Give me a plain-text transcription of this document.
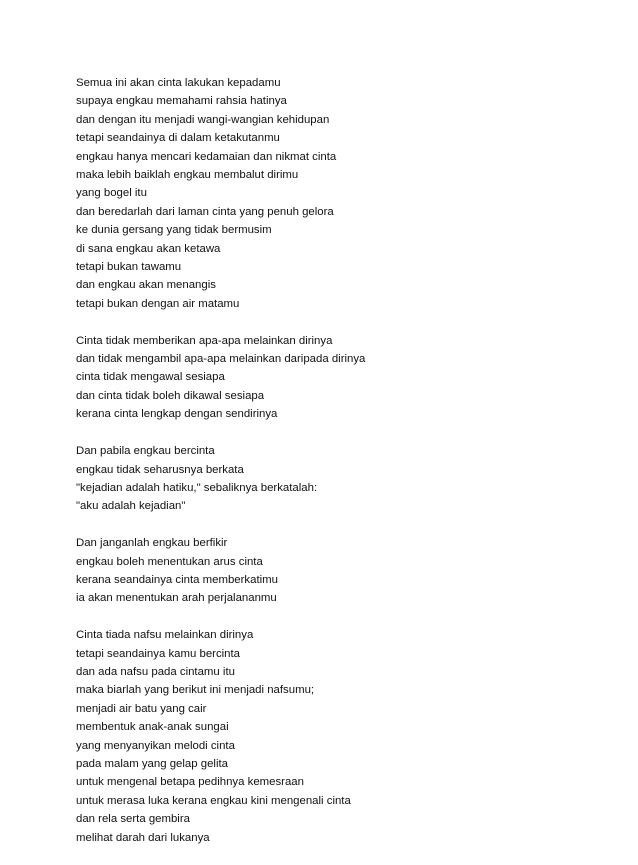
Semua ini akan cinta lakukan kepadamu
supaya engkau memahami rahsia hatinya
dan dengan itu menjadi wangi-wangian kehidupan
tetapi seandainya di dalam ketakutanmu
engkau hanya mencari kedamaian dan nikmat cinta
maka lebih baiklah engkau membalut dirimu
yang bogel itu
dan beredarlah dari laman cinta yang penuh gelora
ke dunia gersang yang tidak bermusim
di sana engkau akan ketawa
tetapi bukan tawamu
dan engkau akan menangis
tetapi bukan dengan air matamu
Cinta tidak memberikan apa-apa melainkan dirinya
dan tidak mengambil apa-apa melainkan daripada dirinya
cinta tidak mengawal sesiapa
dan cinta tidak boleh dikawal sesiapa
kerana cinta lengkap dengan sendirinya
Dan pabila engkau bercinta
engkau tidak seharusnya berkata
"kejadian adalah hatiku," sebaliknya berkatalah:
"aku adalah kejadian"
Dan janganlah engkau berfikir
engkau boleh menentukan arus cinta
kerana seandainya cinta memberkatimu
ia akan menentukan arah perjalananmu
Cinta tiada nafsu melainkan dirinya
tetapi seandainya kamu bercinta
dan ada nafsu pada cintamu itu
maka biarlah yang berikut ini menjadi nafsumu;
menjadi air batu yang cair
membentuk anak-anak sungai
yang menyanyikan melodi cinta
pada malam yang gelap gelita
untuk mengenal betapa pedihnya kemesraan
untuk merasa luka kerana engkau kini mengenali cinta
dan rela serta gembira
melihat darah dari lukanya
